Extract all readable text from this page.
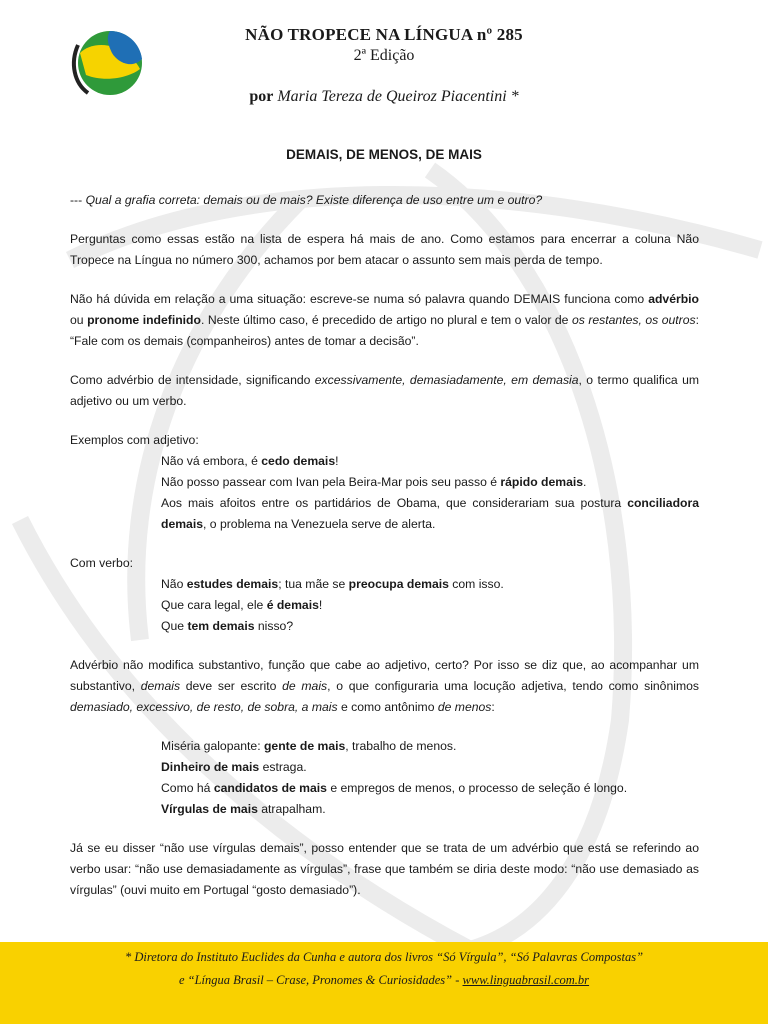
NÃO TROPECE NA LÍNGUA nº 285
2ª Edição
por Maria Tereza de Queiroz Piacentini *
DEMAIS, DE MENOS, DE MAIS

--- Qual a grafia correta: demais ou de mais? Existe diferença de uso entre um e outro?

Perguntas como essas estão na lista de espera há mais de ano. Como estamos para encerrar a coluna Não Tropece na Língua no número 300, achamos por bem atacar o assunto sem mais perda de tempo.

Não há dúvida em relação a uma situação: escreve-se numa só palavra quando DEMAIS funciona como advérbio ou pronome indefinido. Neste último caso, é precedido de artigo no plural e tem o valor de os restantes, os outros: “Fale com os demais (companheiros) antes de tomar a decisão”.

Como advérbio de intensidade, significando excessivamente, demasiadamente, em demasia, o termo qualifica um adjetivo ou um verbo.

Exemplos com adjetivo:

Não vá embora, é cedo demais!
Não posso passear com Ivan pela Beira-Mar pois seu passo é rápido demais.
Aos mais afoitos entre os partidários de Obama, que considerariam sua postura conciliadora demais, o problema na Venezuela serve de alerta.

Com verbo:

Não estudes demais; tua mãe se preocupa demais com isso.
Que cara legal, ele é demais!
Que tem demais nisso?

Advérbio não modifica substantivo, função que cabe ao adjetivo, certo? Por isso se diz que, ao acompanhar um substantivo, demais deve ser escrito de mais, o que configuraria uma locução adjetiva, tendo como sinônimos demasiado, excessivo, de resto, de sobra, a mais e como antônimo de menos:

Miséria galopante: gente de mais, trabalho de menos.
Dinheiro de mais estraga.
Como há candidatos de mais e empregos de menos, o processo de seleção é longo.
Vírgulas de mais atrapalham.

Já se eu disser “não use vírgulas demais”, posso entender que se trata de um advérbio que está se referindo ao verbo usar: “não use demasiadamente as vírgulas”, frase que também se diria deste modo: “não use demasiado as vírgulas” (ouvi muito em Portugal “gosto demasiado”).

* Diretora do Instituto Euclides da Cunha e autora dos livros “Só Vírgula”, “Só Palavras Compostas”
e “Língua Brasil – Crase, Pronomes & Curiosidades” - www.linguabrasil.com.br
